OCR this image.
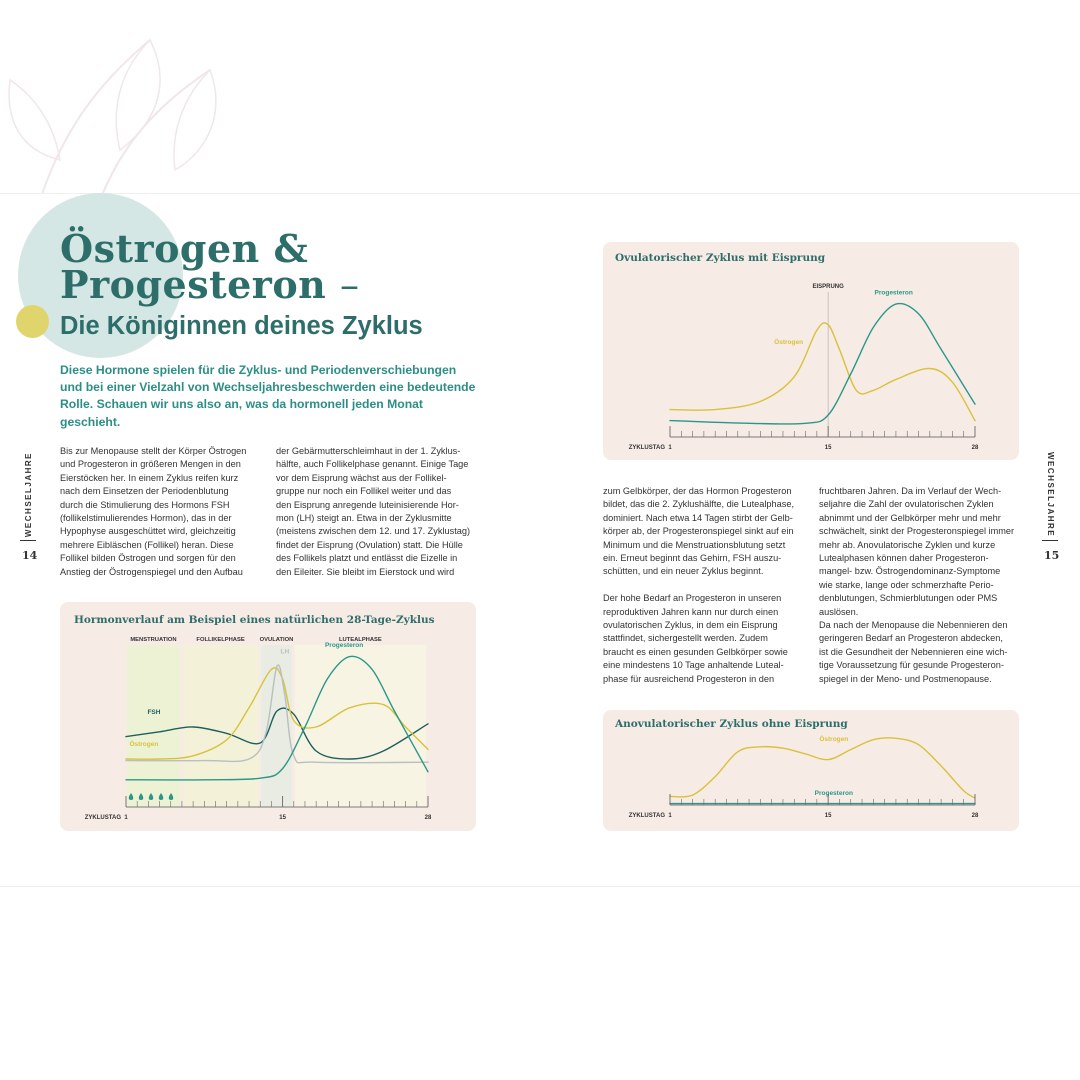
Östrogen &
Progesteron –
Die Königinnen deines Zyklus

Diese Hormone spielen für die Zyklus- und Periodenverschiebungen und bei einer Vielzahl von Wechseljahresbeschwerden eine bedeutende Rolle. Schauen wir uns also an, was da hormonell jeden Monat geschieht.

Bis zur Menopause stellt der Körper Östrogen
und Progesteron in größeren Mengen in den
Eierstöcken her. In einem Zyklus reifen kurz
nach dem Einsetzen der Periodenblutung
durch die Stimulierung des Hormons FSH
(follikelstimulierendes Hormon), das in der
Hypophyse ausgeschüttet wird, gleichzeitig
mehrere Eibläschen (Follikel) heran. Diese
Follikel bilden Östrogen und sorgen für den
Anstieg der Östrogenspiegel und den Aufbau

der Gebärmutterschleimhaut in der 1. Zyklus-
hälfte, auch Follikelphase genannt. Einige Tage
vor dem Eisprung wächst aus der Follikel-
gruppe nur noch ein Follikel weiter und das
den Eisprung anregende luteinisierende Hor-
mon (LH) steigt an. Etwa in der Zyklusmitte
(meistens zwischen dem 12. und 17. Zyklustag)
findet der Eisprung (Ovulation) statt. Die Hülle
des Follikels platzt und entlässt die Eizelle in
den Eileiter. Sie bleibt im Eierstock und wird

zum Gelbkörper, der das Hormon Progesteron
bildet, das die 2. Zyklushälfte, die Lutealphase,
dominiert. Nach etwa 14 Tagen stirbt der Gelb-
körper ab, der Progesteronspiegel sinkt auf ein
Minimum und die Menstruationsblutung setzt
ein. Erneut beginnt das Gehirn, FSH auszu-
schütten, und ein neuer Zyklus beginnt.

Der hohe Bedarf an Progesteron in unseren
reproduktiven Jahren kann nur durch einen
ovulatorischen Zyklus, in dem ein Eisprung
stattfindet, sichergestellt werden. Zudem
braucht es einen gesunden Gelbkörper sowie
eine mindestens 10 Tage anhaltende Luteal-
phase für ausreichend Progesteron in den

fruchtbaren Jahren. Da im Verlauf der Wech-
seljahre die Zahl der ovulatorischen Zyklen
abnimmt und der Gelbkörper mehr und mehr
schwächelt, sinkt der Progesteronspiegel immer
mehr ab. Anovulatorische Zyklen und kurze
Lutealphasen können daher Progesteron-
mangel- bzw. Östrogendominanz-Symptome
wie starke, lange oder schmerzhafte Perio-
denblutungen, Schmierblutungen oder PMS
auslösen.
Da nach der Menopause die Nebennieren den
geringeren Bedarf an Progesteron abdecken,
ist die Gesundheit der Nebennieren eine wich-
tige Voraussetzung für gesunde Progesteron-
spiegel in der Meno- und Postmenopause.

WECHSELJAHRE
14
WECHSELJAHRE
15
Hormonverlauf am Beispiel eines natürlichen 28-Tage-Zyklus
MENSTRUATION	FOLLIKELPHASE	OVULATION	LUTEALPHASE
FSH
Östrogen
LH
Progesteron
1	15	28
ZYKLUSTAG
Ovulatorischer Zyklus mit Eisprung
EISPRUNG
Östrogen
Progesteron
1	15	28
ZYKLUSTAG
Anovulatorischer Zyklus ohne Eisprung
Östrogen
Progesteron
1	15	28
ZYKLUSTAG
